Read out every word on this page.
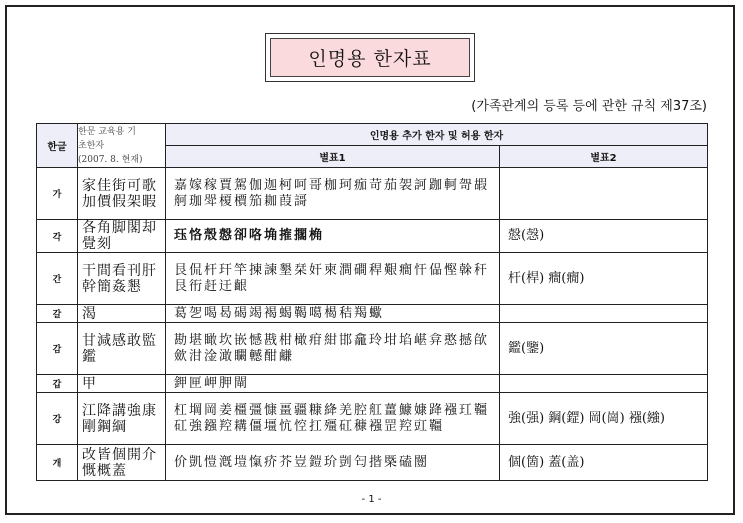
인명용 한자표
(가족관계의 등록 등에 관한 규칙 제37조)
한글	한문 교육용 기
초한자
(2007. 8. 현재)	인명용 추가 한자 및 허용 한자	
		별표1	별표2
가	家佳街可歌加價假架暇	嘉嫁稼賈駕伽迦柯呵哥枷珂痂苛茄袈訶跏軻哿嘏舸珈斝榎檟笳耞葭謌	
각	各角脚閣却覺刻	珏恪殼慤卻咯埆搉擱桷	慤(愨)
간	干間看刊肝幹簡姦懇	艮侃杆玕竿揀諫墾栞奸柬澗磵稈艱癎忓偘慳榦秆艮衎赶迀齦	杆(桿) 癎(癇)
갈	渴	葛乫喝曷碣竭褐蝎鞨噶楬秸羯蠍	
감	甘減感敢監鑑	勘堪瞰坎嵌憾戡柑橄疳紺邯龕玲坩埳嵁弇憨撼欿歛泔淦澉矙轗酣鹻	鑑(鑒)
갑	甲	鉀匣岬胛閘	
강	江降講強康剛鋼綱	杠堈岡姜橿彊慷畺疆糠絳羌腔舡薑鱇嫝跭襁玒韁矼強鏹羫耩僵壃忼悾扛殭矼穅襁罡羫豇韁	強(强) 鋼(鎠) 岡(崗) 襁(繈)
개	改皆個開介慨概蓋	价凱愷漑塏愾疥芥豈鎧玠剴匄揩槩磕闓	個(箇) 蓋(盖)
- 1 -
